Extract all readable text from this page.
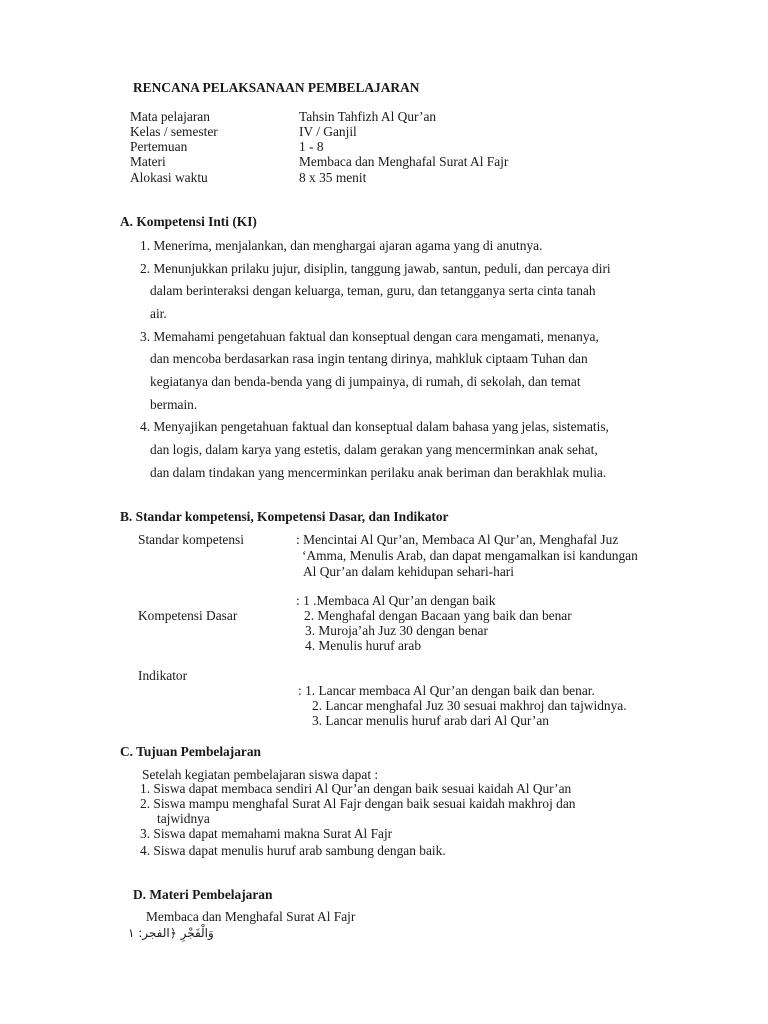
RENCANA PELAKSANAAN PEMBELAJARAN
Mata pelajaran	Tahsin Tahfizh Al Qur’an
Kelas / semester	IV / Ganjil
Pertemuan	1 - 8
Materi	Membaca dan Menghafal Surat Al Fajr
Alokasi waktu	8 x 35 menit
A. Kompetensi Inti (KI)
1. Menerima, menjalankan, dan menghargai ajaran agama yang di anutnya.
2. Menunjukkan prilaku jujur, disiplin, tanggung jawab, santun, peduli, dan percaya diri
dalam berinteraksi dengan keluarga, teman, guru, dan tetangganya serta cinta tanah
air.
3. Memahami pengetahuan faktual dan konseptual dengan cara mengamati, menanya,
dan mencoba berdasarkan rasa ingin tentang dirinya, mahkluk ciptaam Tuhan dan
kegiatanya dan benda-benda yang di jumpainya, di rumah, di sekolah, dan temat
bermain.
4. Menyajikan pengetahuan faktual dan konseptual dalam bahasa yang jelas, sistematis,
dan logis, dalam karya yang estetis, dalam gerakan yang mencerminkan anak sehat,
dan dalam tindakan yang mencerminkan perilaku anak beriman dan berakhlak mulia.
B. Standar kompetensi, Kompetensi Dasar, dan Indikator
Standar kompetensi	: Mencintai Al Qur’an, Membaca Al Qur’an, Menghafal Juz
‘Amma, Menulis Arab, dan dapat mengamalkan isi kandungan
Al Qur’an dalam kehidupan sehari-hari
: 1 .Membaca Al Qur’an dengan baik
Kompetensi Dasar	2. Menghafal dengan Bacaan yang baik dan benar
3. Muroja’ah Juz 30 dengan benar
4. Menulis huruf arab
Indikator
: 1. Lancar membaca Al Qur’an dengan baik dan benar.
2. Lancar menghafal Juz 30 sesuai makhroj dan tajwidnya.
3. Lancar menulis huruf arab dari Al Qur’an
C. Tujuan Pembelajaran
Setelah kegiatan pembelajaran siswa dapat :
1. Siswa dapat membaca sendiri Al Qur’an dengan baik sesuai kaidah Al Qur’an
2. Siswa mampu menghafal Surat Al Fajr dengan baik sesuai kaidah makhroj dan
tajwidnya
3. Siswa dapat memahami makna Surat Al Fajr
4. Siswa dapat menulis huruf arab sambung dengan baik.
D. Materi Pembelajaran
Membaca dan Menghafal Surat Al Fajr
وَالْفَجْرِ ﴿الفجر: ١
